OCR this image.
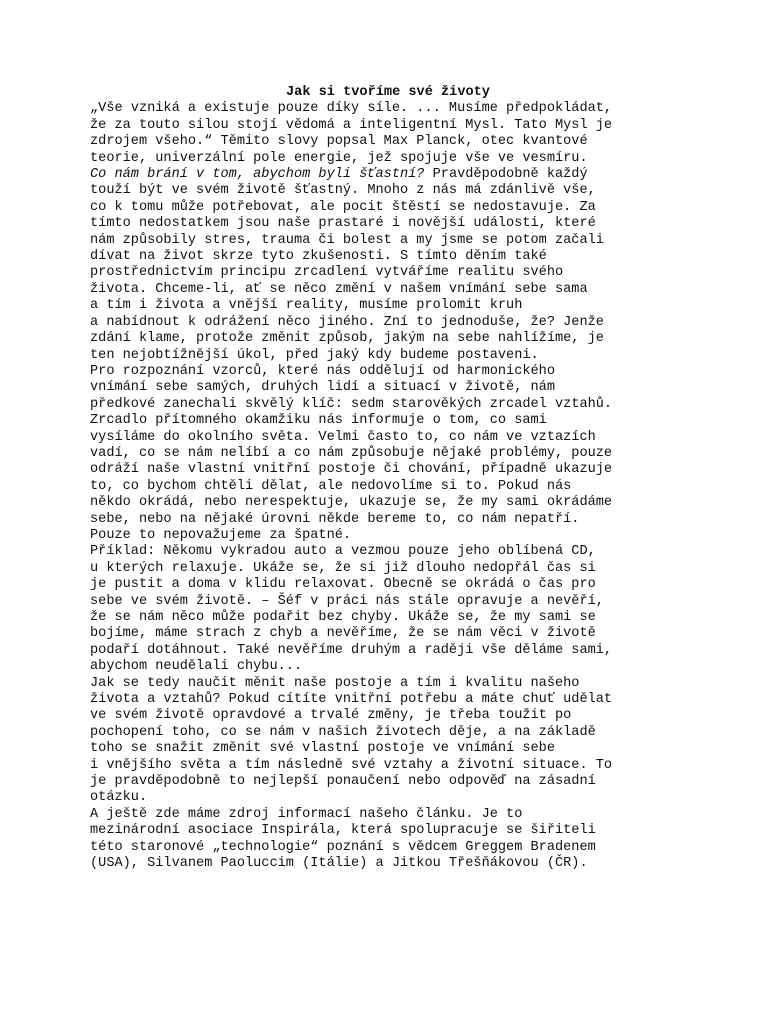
Jak si tvoříme své životy
„Vše vzniká a existuje pouze díky síle. ... Musíme předpokládat,
že za touto silou stojí vědomá a inteligentní Mysl. Tato Mysl je
zdrojem všeho.“ Těmito slovy popsal Max Planck, otec kvantové
teorie, univerzální pole energie, jež spojuje vše ve vesmíru.
Co nám brání v tom, abychom byli šťastní? Pravděpodobně každý
touží být ve svém životě šťastný. Mnoho z nás má zdánlivě vše,
co k tomu může potřebovat, ale pocit štěstí se nedostavuje. Za
tímto nedostatkem jsou naše prastaré i novější události, které
nám způsobily stres, trauma či bolest a my jsme se potom začali
dívat na život skrze tyto zkušenosti. S tímto děním také
prostřednictvím principu zrcadlení vytváříme realitu svého
života. Chceme-li, ať se něco změní v našem vnímání sebe sama
a tím i života a vnější reality, musíme prolomit kruh
a nabídnout k odrážení něco jiného. Zní to jednoduše, že? Jenže
zdání klame, protože změnit způsob, jakým na sebe nahlížíme, je
ten nejobtížnější úkol, před jaký kdy budeme postaveni.
Pro rozpoznání vzorců, které nás oddělují od harmonického
vnímání sebe samých, druhých lidí a situací v životě, nám
předkové zanechali skvělý klíč: sedm starověkých zrcadel vztahů.
Zrcadlo přítomného okamžiku nás informuje o tom, co sami
vysíláme do okolního světa. Velmi často to, co nám ve vztazích
vadí, co se nám nelíbí a co nám způsobuje nějaké problémy, pouze
odráží naše vlastní vnitřní postoje či chování, případně ukazuje
to, co bychom chtěli dělat, ale nedovolíme si to. Pokud nás
někdo okrádá, nebo nerespektuje, ukazuje se, že my sami okrádáme
sebe, nebo na nějaké úrovni někde bereme to, co nám nepatří.
Pouze to nepovažujeme za špatné.
Příklad: Někomu vykradou auto a vezmou pouze jeho oblíbená CD,
u kterých relaxuje. Ukáže se, že si již dlouho nedopřál čas si
je pustit a doma v klidu relaxovat. Obecně se okrádá o čas pro
sebe ve svém životě. – Šéf v práci nás stále opravuje a nevěří,
že se nám něco může podařit bez chyby. Ukáže se, že my sami se
bojíme, máme strach z chyb a nevěříme, že se nám věci v životě
podaří dotáhnout. Také nevěříme druhým a raději vše děláme sami,
abychom neudělali chybu...
Jak se tedy naučit měnit naše postoje a tím i kvalitu našeho
života a vztahů? Pokud cítíte vnitřní potřebu a máte chuť udělat
ve svém životě opravdové a trvalé změny, je třeba toužit po
pochopení toho, co se nám v našich životech děje, a na základě
toho se snažit změnit své vlastní postoje ve vnímání sebe
i vnějšího světa a tím následně své vztahy a životní situace. To
je pravděpodobně to nejlepší ponaučení nebo odpověď na zásadní
otázku.
A ještě zde máme zdroj informací našeho článku. Je to
mezinárodní asociace Inspirála, která spolupracuje se šiřiteli
této staronové „technologie“ poznání s vědcem Greggem Bradenem
(USA), Silvanem Paoluccim (Itálie) a Jitkou Třešňákovou (ČR).
